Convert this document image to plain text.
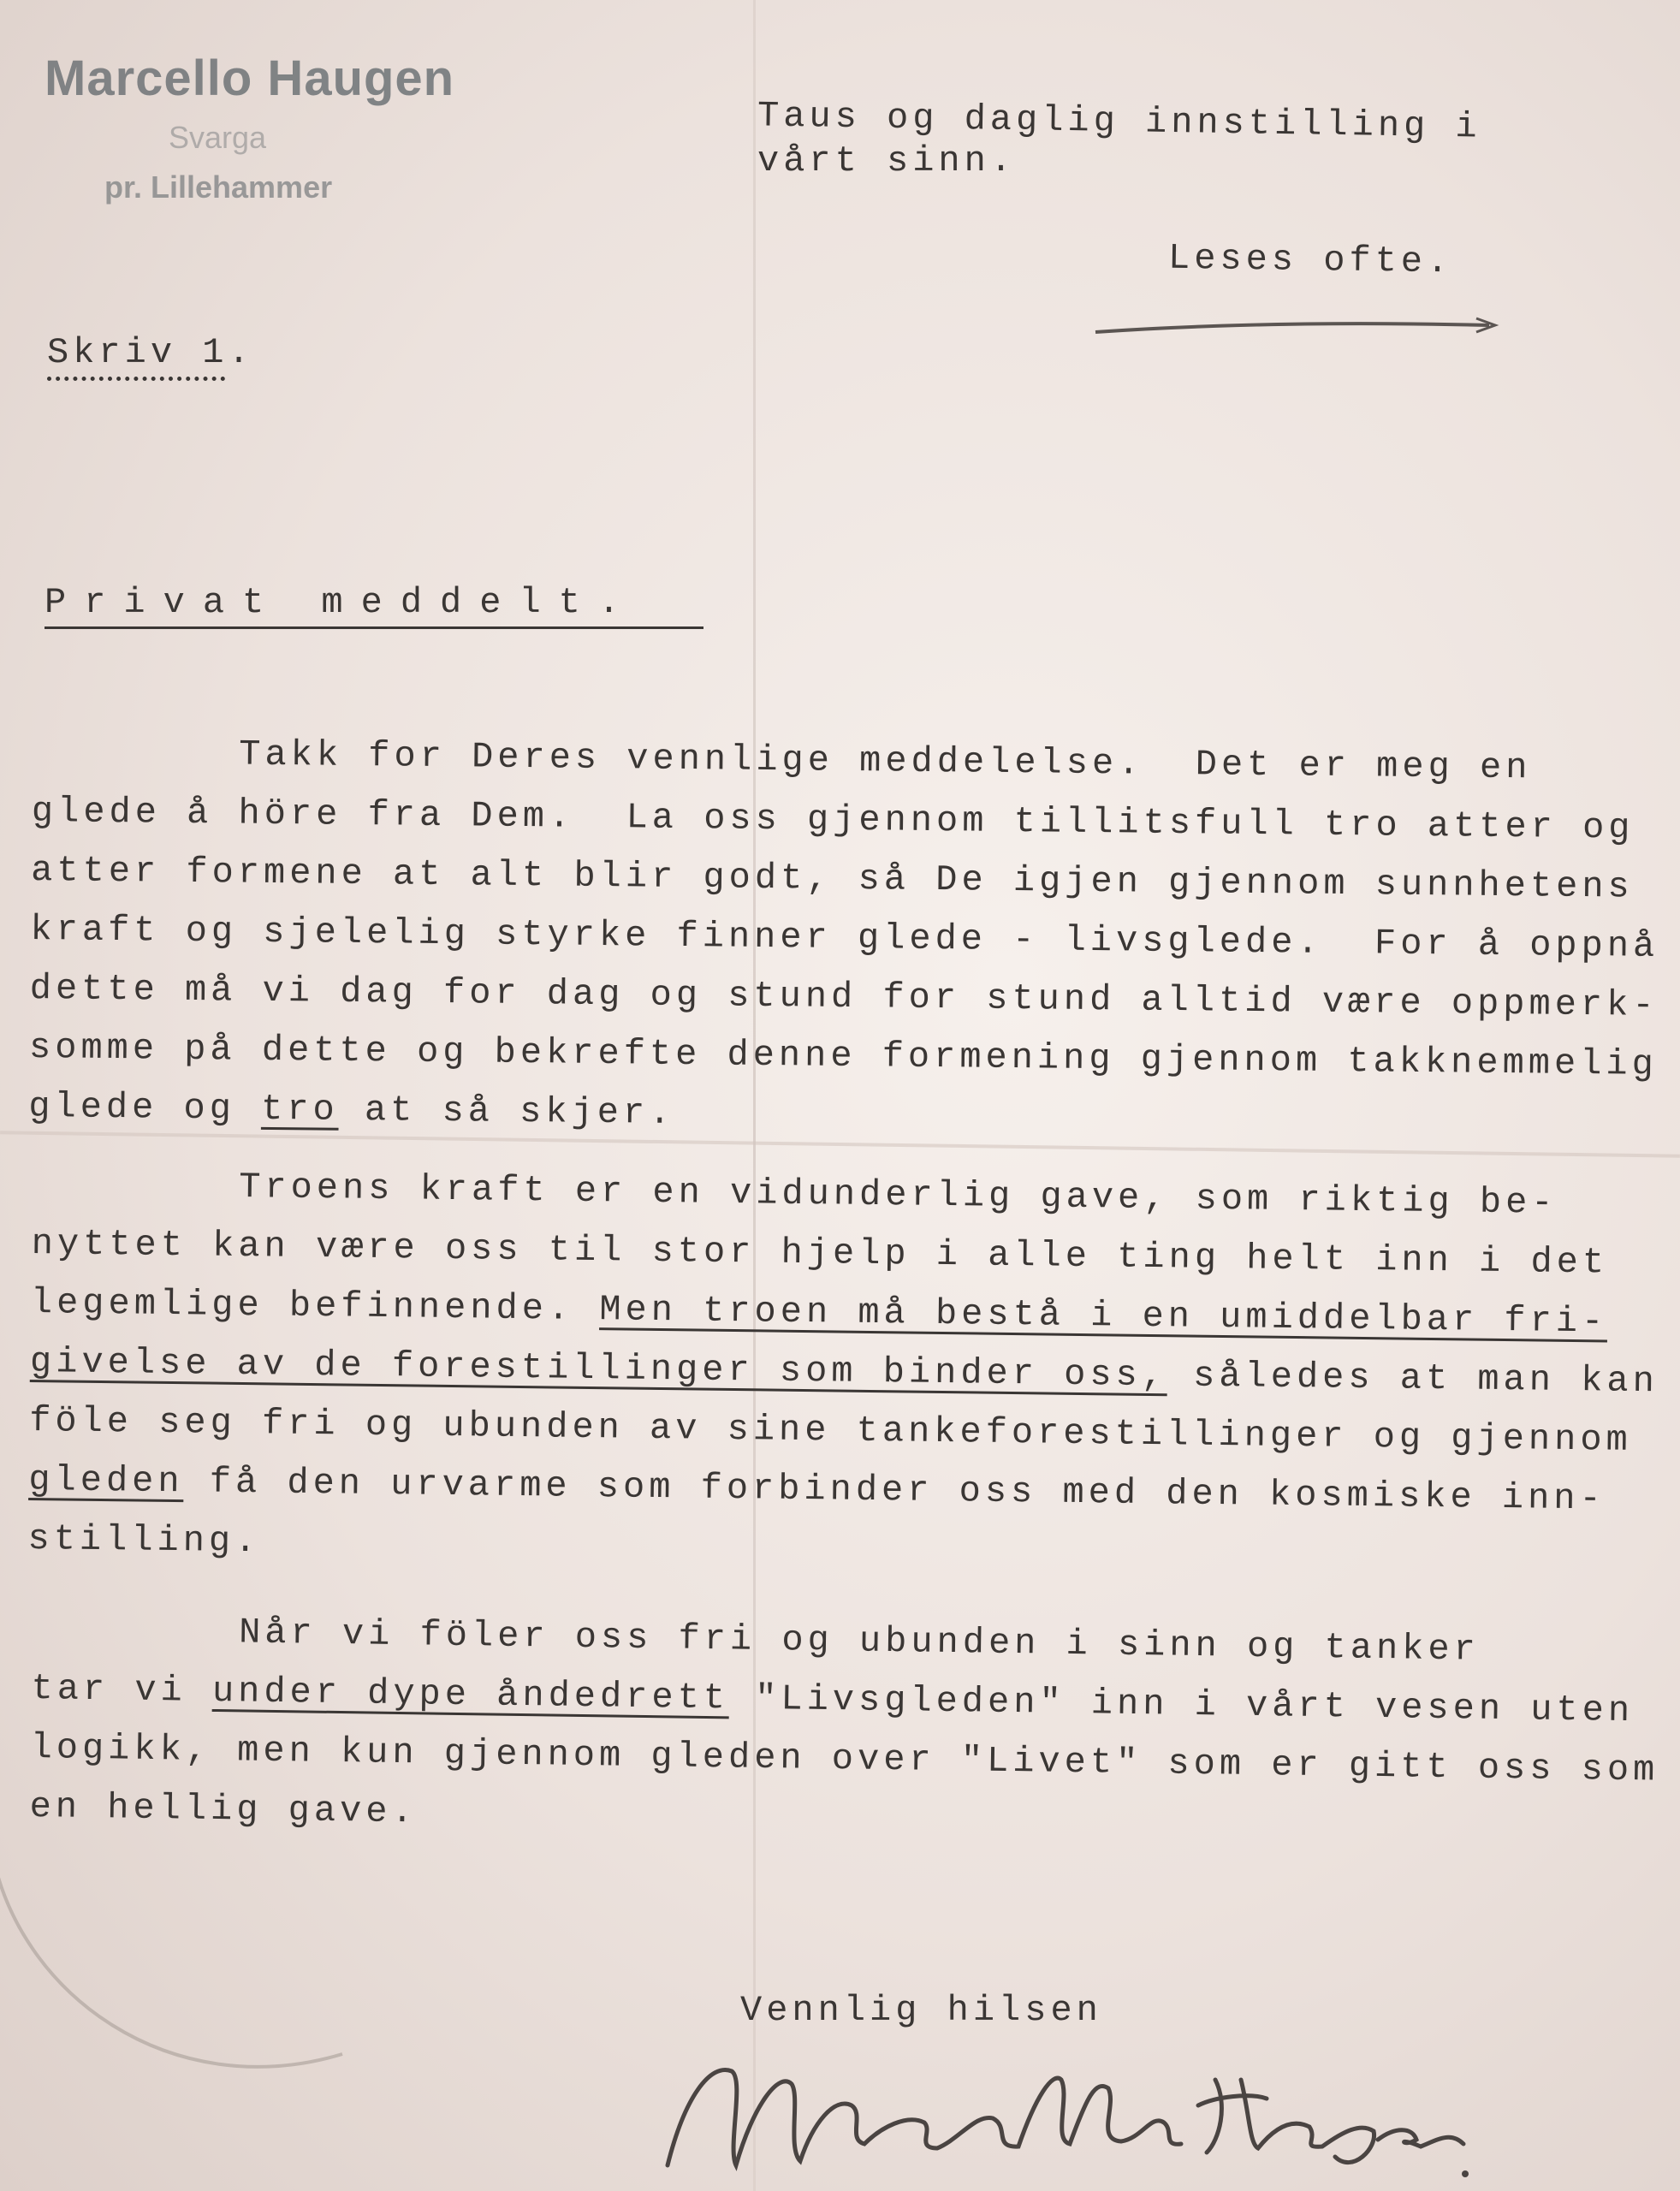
Marcello Haugen
Svarga
pr. Lillehammer
Taus og daglig innstilling i
vårt sinn.
Leses ofte.
Skriv 1.
Privat meddelt.
Takk for Deres vennlige meddelelse.  Det er meg en
glede å höre fra Dem.  La oss gjennom tillitsfull tro atter og
atter formene at alt blir godt, så De igjen gjennom sunnhetens
kraft og sjelelig styrke finner glede - livsglede.  For å oppnå
dette må vi dag for dag og stund for stund alltid være oppmerk-
somme på dette og bekrefte denne formening gjennom takknemmelig
glede og tro at så skjer.
Troens kraft er en vidunderlig gave, som riktig be-
nyttet kan være oss til stor hjelp i alle ting helt inn i det
legemlige befinnende. Men troen må bestå i en umiddelbar fri-
givelse av de forestillinger som binder oss, således at man kan
föle seg fri og ubunden av sine tankeforestillinger og gjennom
gleden få den urvarme som forbinder oss med den kosmiske inn-
stilling.
Når vi föler oss fri og ubunden i sinn og tanker
tar vi under dype åndedrett "Livsgleden" inn i vårt vesen uten
logikk, men kun gjennom gleden over "Livet" som er gitt oss som
en hellig gave.
Vennlig hilsen
